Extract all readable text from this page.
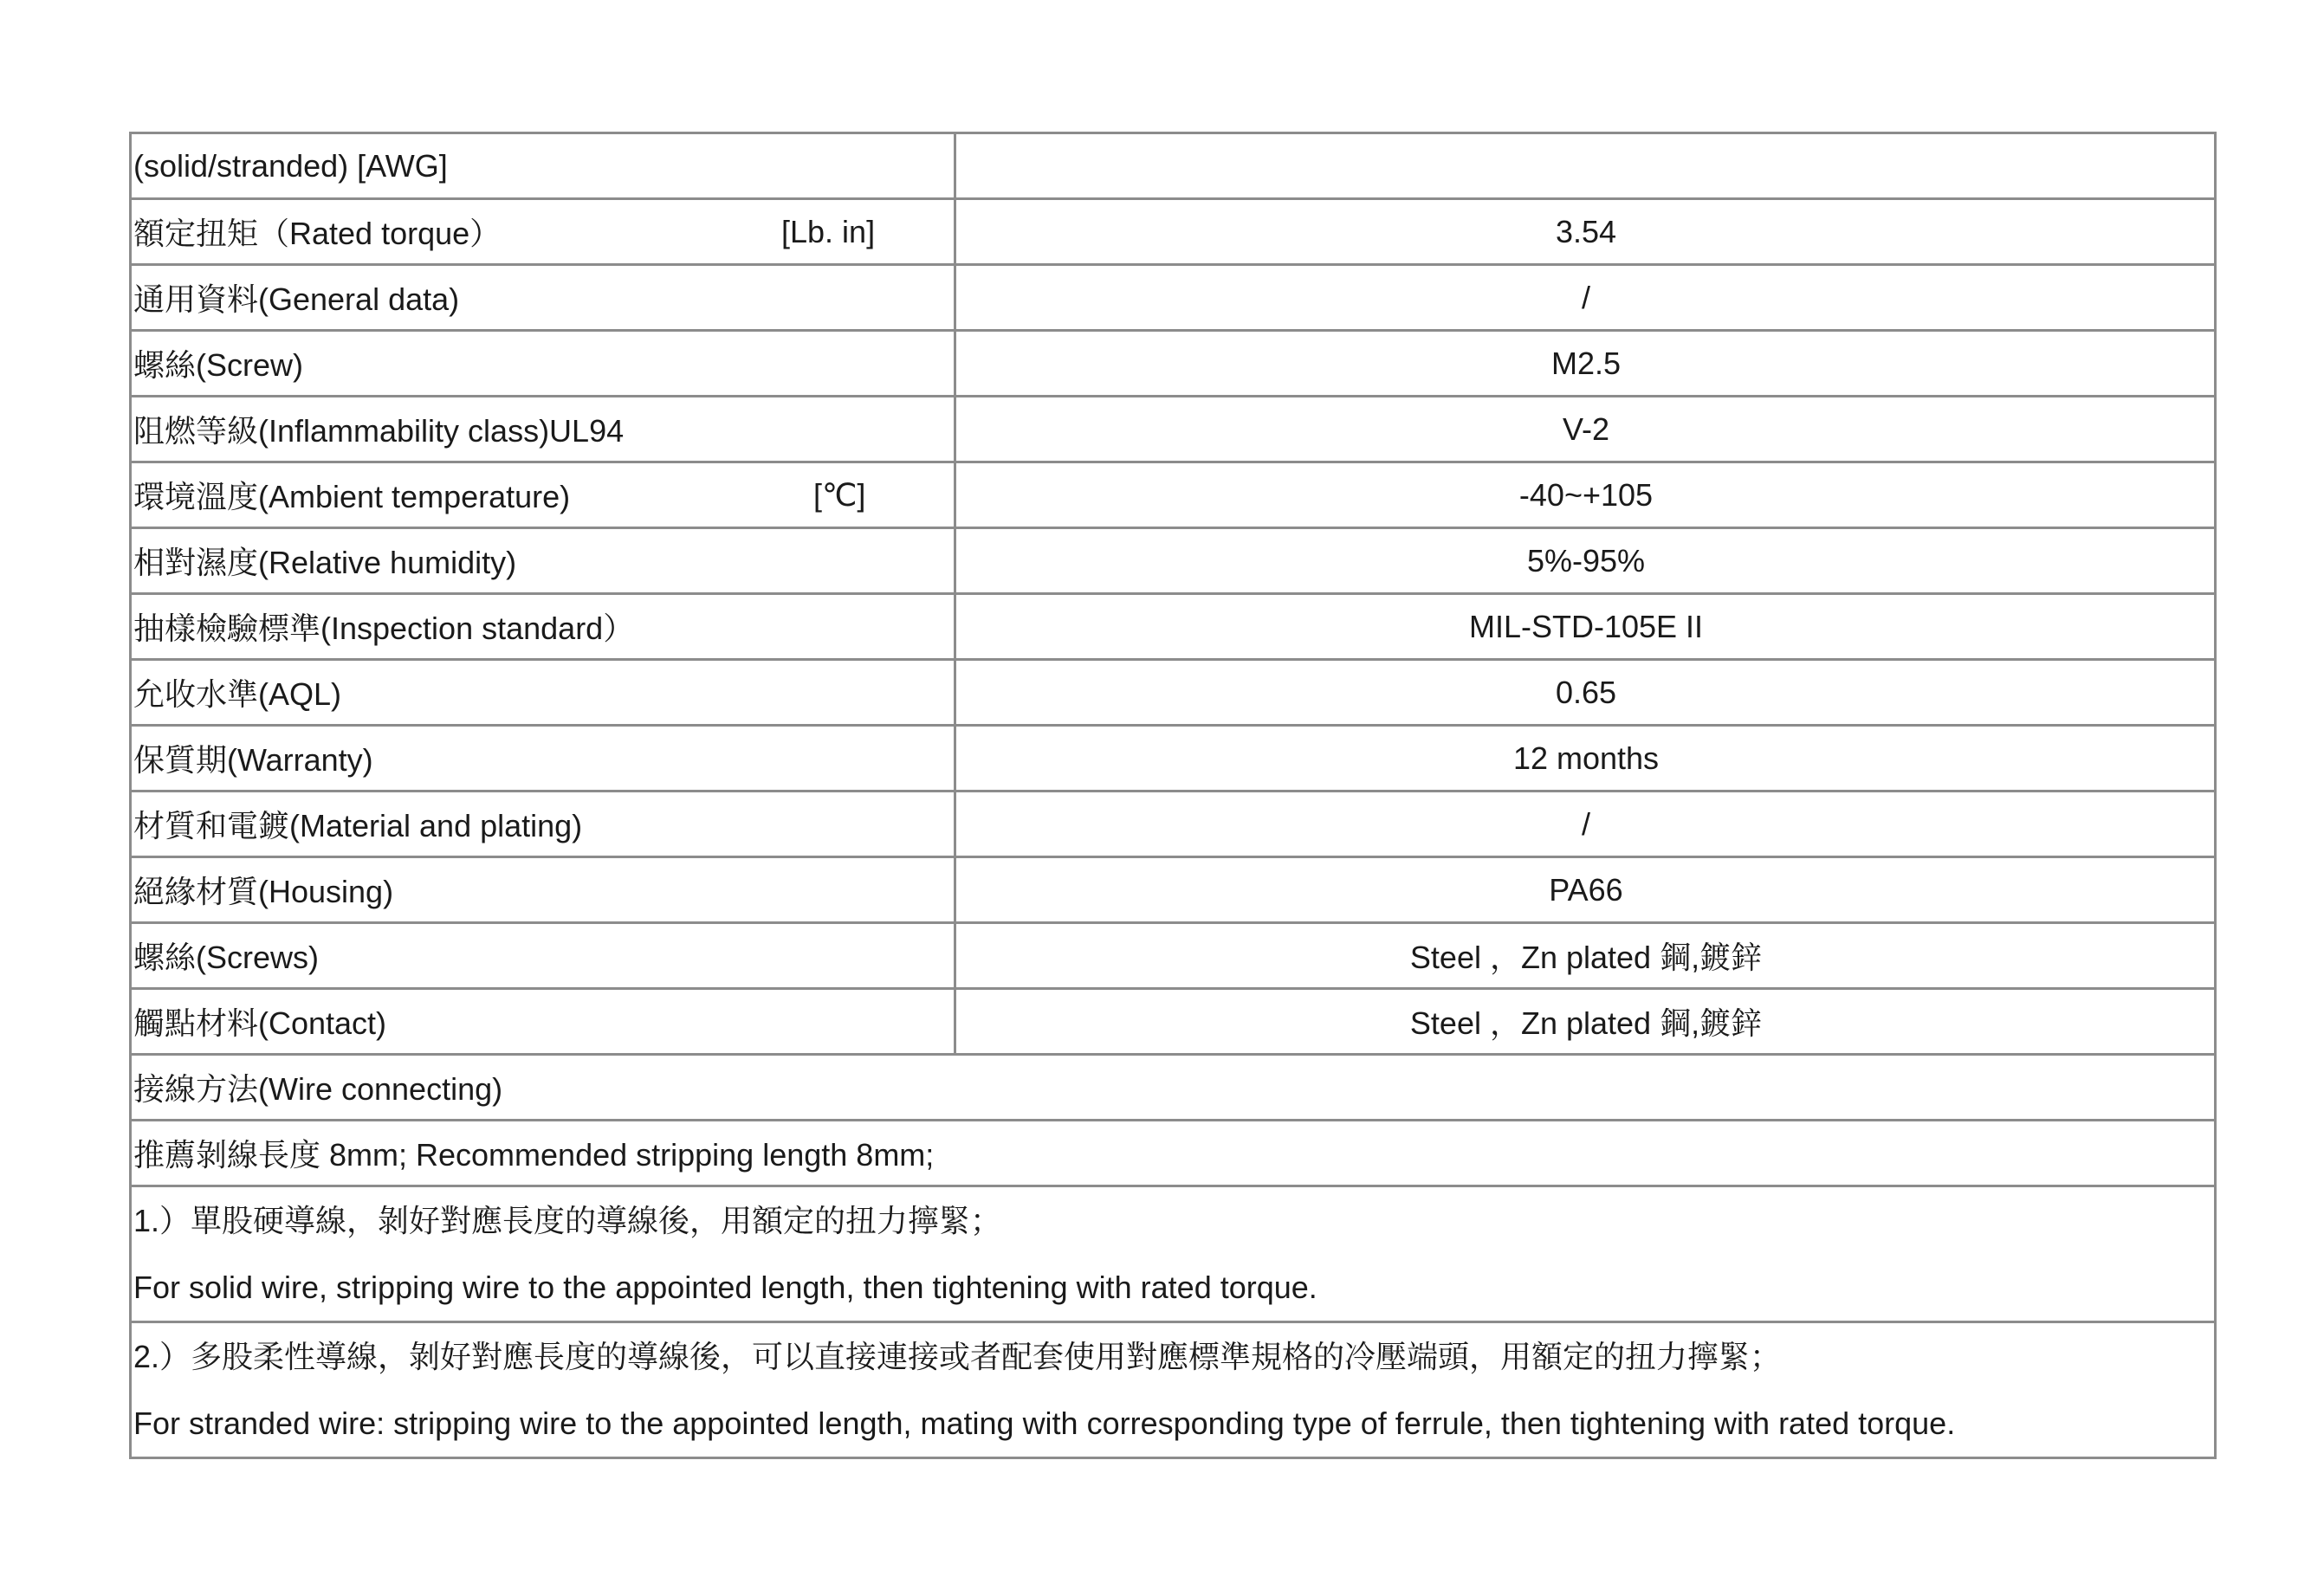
(solid/stranded) [AWG]	
額定扭矩（Rated torque） [Lb. in]	3.54
通用資料(General data)	/
螺絲(Screw)	M2.5
阻燃等級(Inflammability class)UL94	V-2
環境溫度(Ambient temperature) [℃]	-40~+105
相對濕度(Relative humidity)	5%-95%
抽樣檢驗標準(Inspection standard）	MIL-STD-105E II
允收水準(AQL)	0.65
保質期(Warranty)	12 months
材質和電鍍(Material and plating)	/
絕緣材質(Housing)	PA66
螺絲(Screws)	Steel ，Zn plated 鋼,鍍鋅
觸點材料(Contact)	Steel ，Zn plated 鋼,鍍鋅
接線方法(Wire connecting)	
推薦剝線長度 8mm; Recommended stripping length 8mm;	

1.）單股硬導線，剝好對應長度的導線後，用額定的扭力擰緊；
For solid wire, stripping wire to the appointed length, then tightening with rated torque.	

2.）多股柔性導線，剝好對應長度的導線後，可以直接連接或者配套使用對應標準規格的冷壓端頭，用額定的扭力擰緊；
For stranded wire: stripping wire to the appointed length, mating with corresponding type of ferrule, then tightening with rated torque.	
